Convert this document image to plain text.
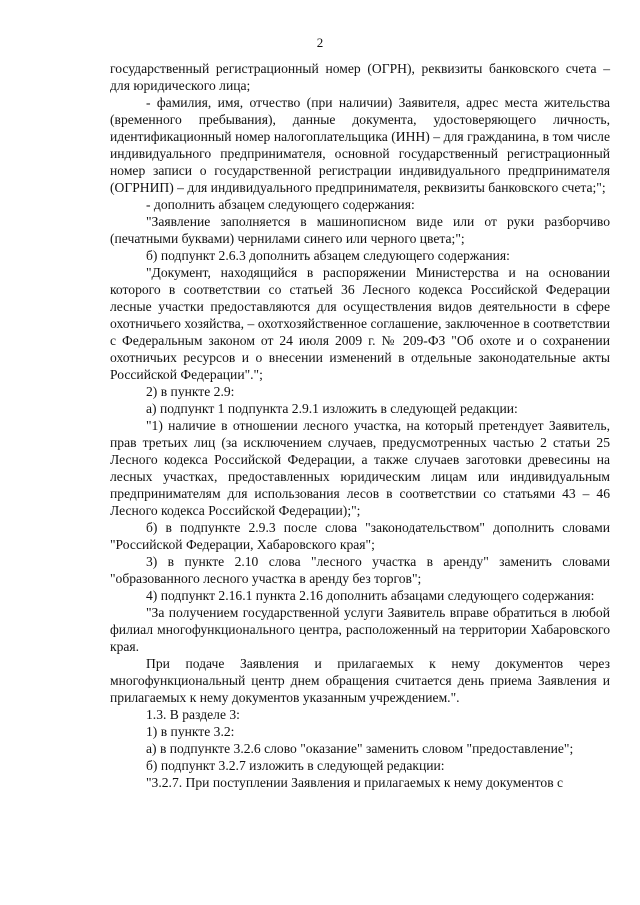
2

государственный регистрационный номер (ОГРН), реквизиты банковского счета – для юридического лица;

- фамилия, имя, отчество (при наличии) Заявителя, адрес места жительства (временного пребывания), данные документа, удостоверяющего личность, идентификационный номер налогоплательщика (ИНН) – для гражданина, в том числе индивидуального предпринимателя, основной государственный регистрационный номер записи о государственной регистрации индивидуального предпринимателя (ОГРНИП) – для индивидуального предпринимателя, реквизиты банковского счета;";

- дополнить абзацем следующего содержания:

"Заявление заполняется в машинописном виде или от руки разборчиво (печатными буквами) чернилами синего или черного цвета;";

б) подпункт 2.6.3 дополнить абзацем следующего содержания:

"Документ, находящийся в распоряжении Министерства и на основании которого в соответствии со статьей 36 Лесного кодекса Российской Федерации лесные участки предоставляются для осуществления видов деятельности в сфере охотничьего хозяйства, – охотхозяйственное соглашение, заключенное в соответствии с Федеральным законом от 24 июля 2009 г. № 209-ФЗ "Об охоте и о сохранении охотничьих ресурсов и о внесении изменений в отдельные законодательные акты Российской Федерации".";

2) в пункте 2.9:

а) подпункт 1 подпункта 2.9.1 изложить в следующей редакции:

"1) наличие в отношении лесного участка, на который претендует Заявитель, прав третьих лиц (за исключением случаев, предусмотренных частью 2 статьи 25 Лесного кодекса Российской Федерации, а также случаев заготовки древесины на лесных участках, предоставленных юридическим лицам или индивидуальным предпринимателям для использования лесов в соответствии со статьями 43 – 46 Лесного кодекса Российской Федерации);";

б) в подпункте 2.9.3 после слова "законодательством" дополнить словами "Российской Федерации, Хабаровского края";

3) в пункте 2.10 слова "лесного участка в аренду" заменить словами "образованного лесного участка в аренду без торгов";

4) подпункт 2.16.1 пункта 2.16 дополнить абзацами следующего содержания:

"За получением государственной услуги Заявитель вправе обратиться в любой филиал многофункционального центра, расположенный на территории Хабаровского края.

При подаче Заявления и прилагаемых к нему документов через многофункциональный центр днем обращения считается день приема Заявления и прилагаемых к нему документов указанным учреждением.".

1.3. В разделе 3:

1) в пункте 3.2:

а) в подпункте 3.2.6 слово "оказание" заменить словом "предоставление";

б) подпункт 3.2.7 изложить в следующей редакции:

"3.2.7. При поступлении Заявления и прилагаемых к нему документов с
